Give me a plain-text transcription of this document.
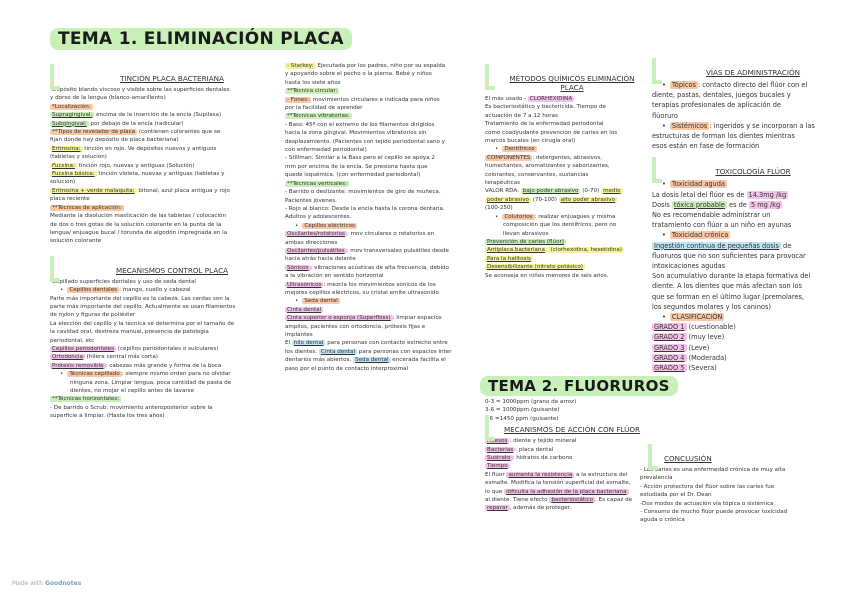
TEMA 1. ELIMINACIÓN PLACA
TEMA 2. FLUORUROS
TINCIÓN PLACA BACTERIANA

-Depósito blando viscoso y visible sobre las superficies dentales

y dorso de la lengua (blanco-amarillento)

*Localización:

Supragingival: encima de la inserción de la encía (Supilasa)

Subgingival: por debajo de la encía (radicular)

**Tipos de revelador de placa (contienen colorantes que se

fijan donde hay depósito de placa bacteriana)

Eritrosina: tinción en rojo. Ve depósitos nuevos y antiguos

(tabletas y solución)

Fucsina: tinción rojo, nuevas y antiguas (Solución)

Fucsina básica: tinción violeta, nuevas y antiguas (tabletas y

solución)

Eritrosina + verde malaquita: bitonal, azul placa antigua y rojo

placa reciente

**Técnicas de aplicación:

Mediante la disolución masticación de las tabletas / colocación

de dos o tres gotas de la solución colorante en la punta de la

lengua/ enjuague bucal / torunda de algodón impregnada en la

solución colorante

MECANISMOS CONTROL PLACA

-Cepillado superficies dentales y uso de seda dental

• Cepillos dentales : mango, cuello y cabezal

Parte más importante del cepillo es la cabeza. Las cerdas son la

parte más importante del cepillo. Actualmente se usan filamentos

de nylon y figuras de poliéster

La elección del cepillo y la técnica se determina por el tamaño de

la cavidad oral, destreza manual, presencia de patología

periodontal, etc

Cepillos periodontales (cepillos periodontales o sulculares)

Ortodoncia (hilera central más corta)

Prótesis removible : cabezas más grande y forma de la boca

• Técnicas cepillado : siempre mismo orden para no olvidar

ninguna zona. Limpiar lengua, poca cantidad de pasta de

dientes, no mojar el cepillo antes de lavarse

**Técnicas horizontales:

- De barrido o Scrub: movimiento anteroposterior sobre la

superficie a limpiar. (Hasta los tres años)

- Starkey: Ejecutada por los padres, niño por su espalda

y apoyando sobre el pecho o la pierna. Bebé y niños

hasta los siete años

**Técnica circular:

- Fones: movimientos circulares e indicada para niños

por la facilidad de aprender

**Técnicas vibratorias:

- Bass: 45º con el extremo de los filamentos dirigidos

hacia la zona gingival. Movimientos vibratorios sin

desplazamiento. (Pacientes con tejido periodontal sano y

con enfermedad periodontal)

- Stillman: Similar a la Bass pero el cepillo se apoya 2

mm por encima de la encía. Se presiona hasta que

quede isquémica. (con enfermedad periodontal)

**Técnicas verticales:

- Barrido o deslizante: movimientos de giro de muñeca.

Pacientes jóvenes.

- Rojo al blanco: Desde la encía hasta la corona dentaria.

Adultos y adolescentes.

• Cepillos eléctricos

Oscilantes/rotatorios : mov circulares o rotatorios en

ambas direcciones

Oscilantes/pulsátiles : mov transversales pulsátiles desde

hacia atrás hacia delante

Sónicos : vibraciones acústicas de alta frecuencia, debido

a la vibración en sentido horizontal

Ultrasónicos : mezcla los movimientos sónicos de los

mejores cepillos eléctricos, su cristal emite ultrasonido

• Seda dental

Cinta dental

Cinta superior o esponja (Superfloss) : limpiar espacios

amplios, pacientes con ortodoncia, prótesis fijas e

implantes

El hilo dental para personas con contacto estrecho entre

los dientes. Cinta dental para personas con espacios inter

dentarios más abiertos. Seda dental encerada facilita el

paso por el punto de contacto interproximal

MÉTODOS QUÍMICOS ELIMINACIÓN PLACA

El más usado - CLORHEXIDINA

Es bacteriostático y bactericida. Tiempo de

actuación de 7 a 12 horas

Tratamiento de la enfermedad periodontal

como coadyudante prevención de caries en los

marcos bucales (en cirugía oral)

• Dentífricos

COMPONENTES : detergentes, abrasivos,

humectantes, aromatizantes y saborizantes,

colorantes, conservantes, sustancias

terapéuticas

VALOR RDA: bajo poder abrasivo (0-70) medio

poder abrasivo (70-100) alto poder abrasivo

(100-250)

• Colutorios : realizar enjuagues y misma

composición que los dentífricos, pero no

llevan abrasivos

Prevención de caries (flúor)

Antiplaca bacteriana (clorhexidina, hexetidina)

Para la halitosis

Desensibilizante (nitrato potásico)

Se aconseja en niños menores de seis años.

0-3 = 1000ppm (grano de arroz)

3-6 = 1000ppm (guisante)

>6 =1450 ppm (guisante)

MECANISMOS DE ACCIÓN CON FLÚOR

Huesos : diente y tejido mineral

Bacterias : placa dental

Sustrato : hidratos de carbono

Tiempo

El flúor aumenta la resistencia a la estructura del

esmalte. Modifica la tensión superficial del esmalte,

lo que dificulta la adhesión de la placa bacteriana

al diente. Tiene efecto bacteriostático . Es capaz de

reparar , además de proteger.

VÍAS DE ADMINISTRACIÓN

• Tópicos : contacto directo del flúor con el

diente, pastas, dentales, juegos bucales y

terapias profesionales de aplicación de

flúoruro

• Sistémicos : ingeridos y se incorporan a las

estructuras de forman los dientes mientras

esos están en fase de formación

TOXICOLOGÍA FLÚOR

• Toxicidad aguda

La dosis letal del flúor es de 14.3mg /kg

Dosis tóxica probable es de 5 mg /kg

No es recomendable administrar un

tratamiento con flúor a un niño en ayunas

• Toxicidad crónica

Ingestión continua de pequeñas dosis de

fluoruros que no son suficientes para provocar

intoxicaciones agudas

Son acumulativo durante la etapa formativa del

diente. A los dientes que más afectan son los

que se forman en el último lugar (premolares,

los segundos molares y los caninos)

• CLASIFICACIÓN

GRADO 1 (cuestionable)

GRADO 2 (muy leve)

GRADO 3 (Leve)

GRADO 4 (Moderada)

GRADO 5 (Severa)

CONCLUSIÓN

- Las caries es una enfermedad crónica de muy alta

prevalencia

- Acción protectora del flúor sobre las caries fue

estudiada por el Dr. Dean

-Dos modos de actuación vía tópica o sistémica

- Consumo de mucho flúor puede provocar toxicidad

aguda o crónica

Made with Goodnotes
